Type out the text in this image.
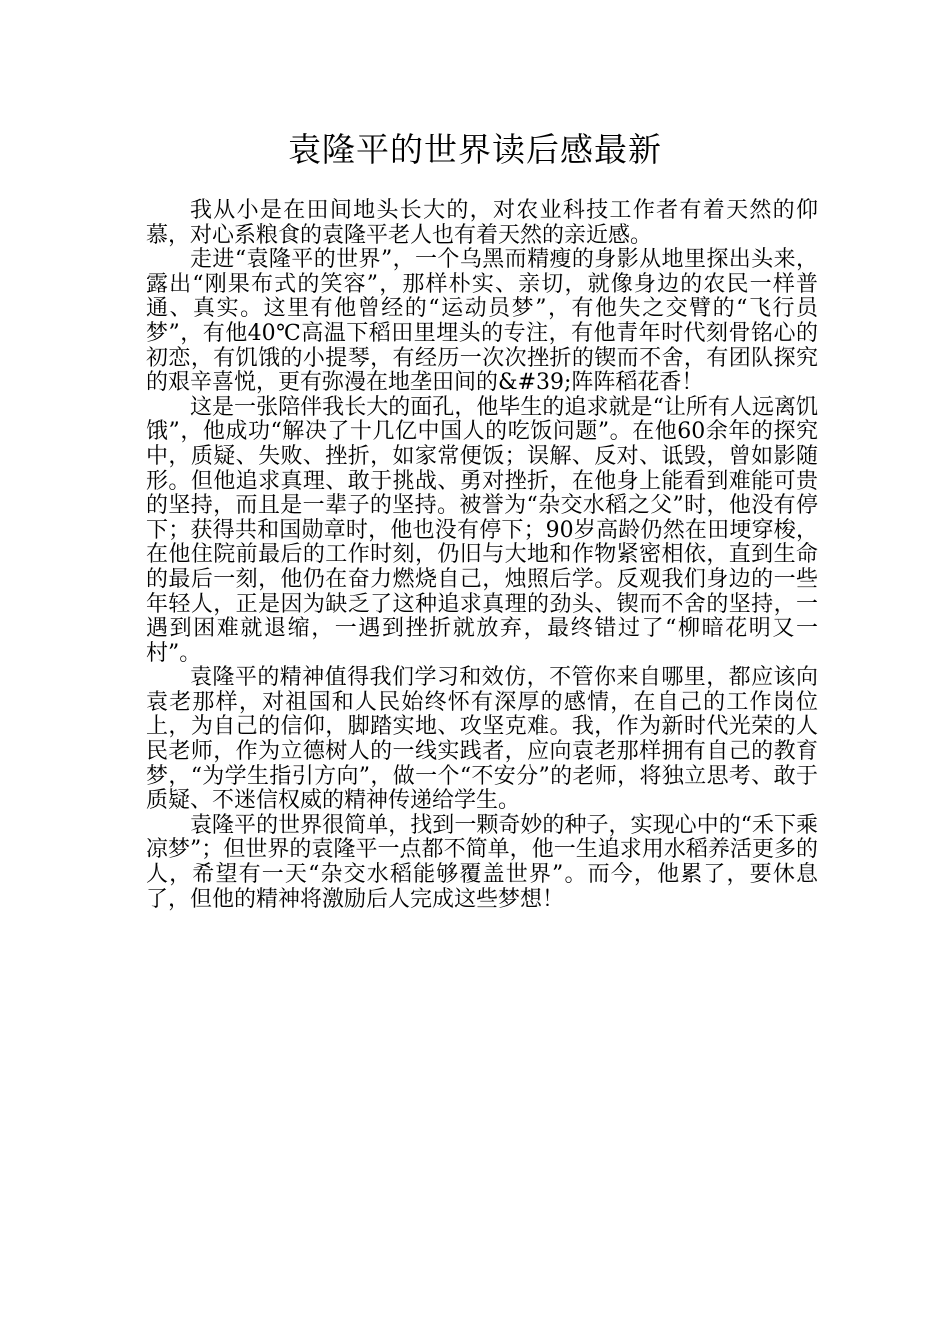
袁隆平的世界读后感最新

我从小是在田间地头长大的，对农业科技工作者有着天然的仰慕，对心系粮食的袁隆平老人也有着天然的亲近感。

走进“袁隆平的世界”，一个乌黑而精瘦的身影从地里探出头来，露出“刚果布式的笑容”，那样朴实、亲切，就像身边的农民一样普通、真实。这里有他曾经的“运动员梦”，有他失之交臂的“飞行员梦”，有他40℃高温下稻田里埋头的专注，有他青年时代刻骨铭心的初恋，有饥饿的小提琴，有经历一次次挫折的锲而不舍，有团队探究的艰辛喜悦，更有弥漫在地垄田间的&#39;阵阵稻花香！

这是一张陪伴我长大的面孔，他毕生的追求就是“让所有人远离饥饿”，他成功“解决了十几亿中国人的吃饭问题”。在他60余年的探究中，质疑、失败、挫折，如家常便饭；误解、反对、诋毁，曾如影随形。但他追求真理、敢于挑战、勇对挫折，在他身上能看到难能可贵的坚持，而且是一辈子的坚持。被誉为“杂交水稻之父”时，他没有停下；获得共和国勋章时，他也没有停下；90岁高龄仍然在田埂穿梭，在他住院前最后的工作时刻，仍旧与大地和作物紧密相依，直到生命的最后一刻，他仍在奋力燃烧自己，烛照后学。反观我们身边的一些年轻人，正是因为缺乏了这种追求真理的劲头、锲而不舍的坚持，一遇到困难就退缩，一遇到挫折就放弃，最终错过了“柳暗花明又一村”。

袁隆平的精神值得我们学习和效仿，不管你来自哪里，都应该向袁老那样，对祖国和人民始终怀有深厚的感情，在自己的工作岗位上，为自己的信仰，脚踏实地、攻坚克难。我，作为新时代光荣的人民老师，作为立德树人的一线实践者，应向袁老那样拥有自己的教育梦，“为学生指引方向”，做一个“不安分”的老师，将独立思考、敢于质疑、不迷信权威的精神传递给学生。

袁隆平的世界很简单，找到一颗奇妙的种子，实现心中的“禾下乘凉梦”；但世界的袁隆平一点都不简单，他一生追求用水稻养活更多的人，希望有一天“杂交水稻能够覆盖世界”。而今，他累了，要休息了，但他的精神将激励后人完成这些梦想！
